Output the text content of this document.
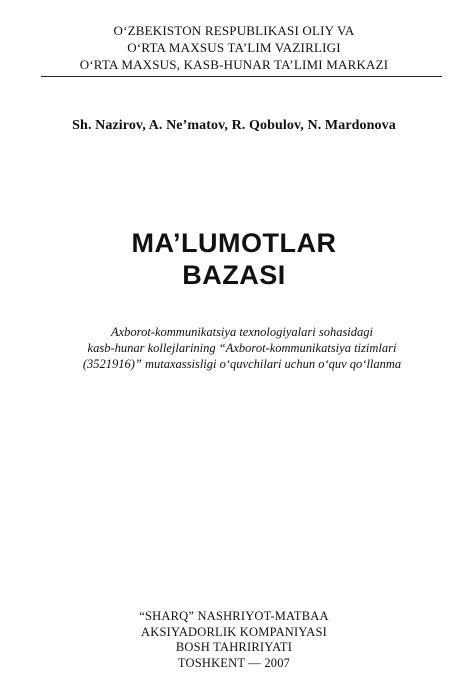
O‘ZBEKISTON RESPUBLIKASI OLIY VA
O‘RTA MAXSUS TA’LIM VAZIRLIGI
O‘RTA MAXSUS, KASB-HUNAR TA’LIMI MARKAZI
Sh. Nazirov, A. Ne’matov, R. Qobulov, N. Mardonova
MA’LUMOTLAR
BAZASI
Axborot-kommunikatsiya texnologiyalari sohasidagi
kasb-hunar kollejlarining “Axborot-kommunikatsiya tizimlari
(3521916)” mutaxassisligi o‘quvchilari uchun o‘quv qo‘llanma
“SHARQ” NASHRIYOT-MATBAA
AKSIYADORLIK KOMPANIYASI
BOSH TAHRIRIYATI
TOSHKENT — 2007
